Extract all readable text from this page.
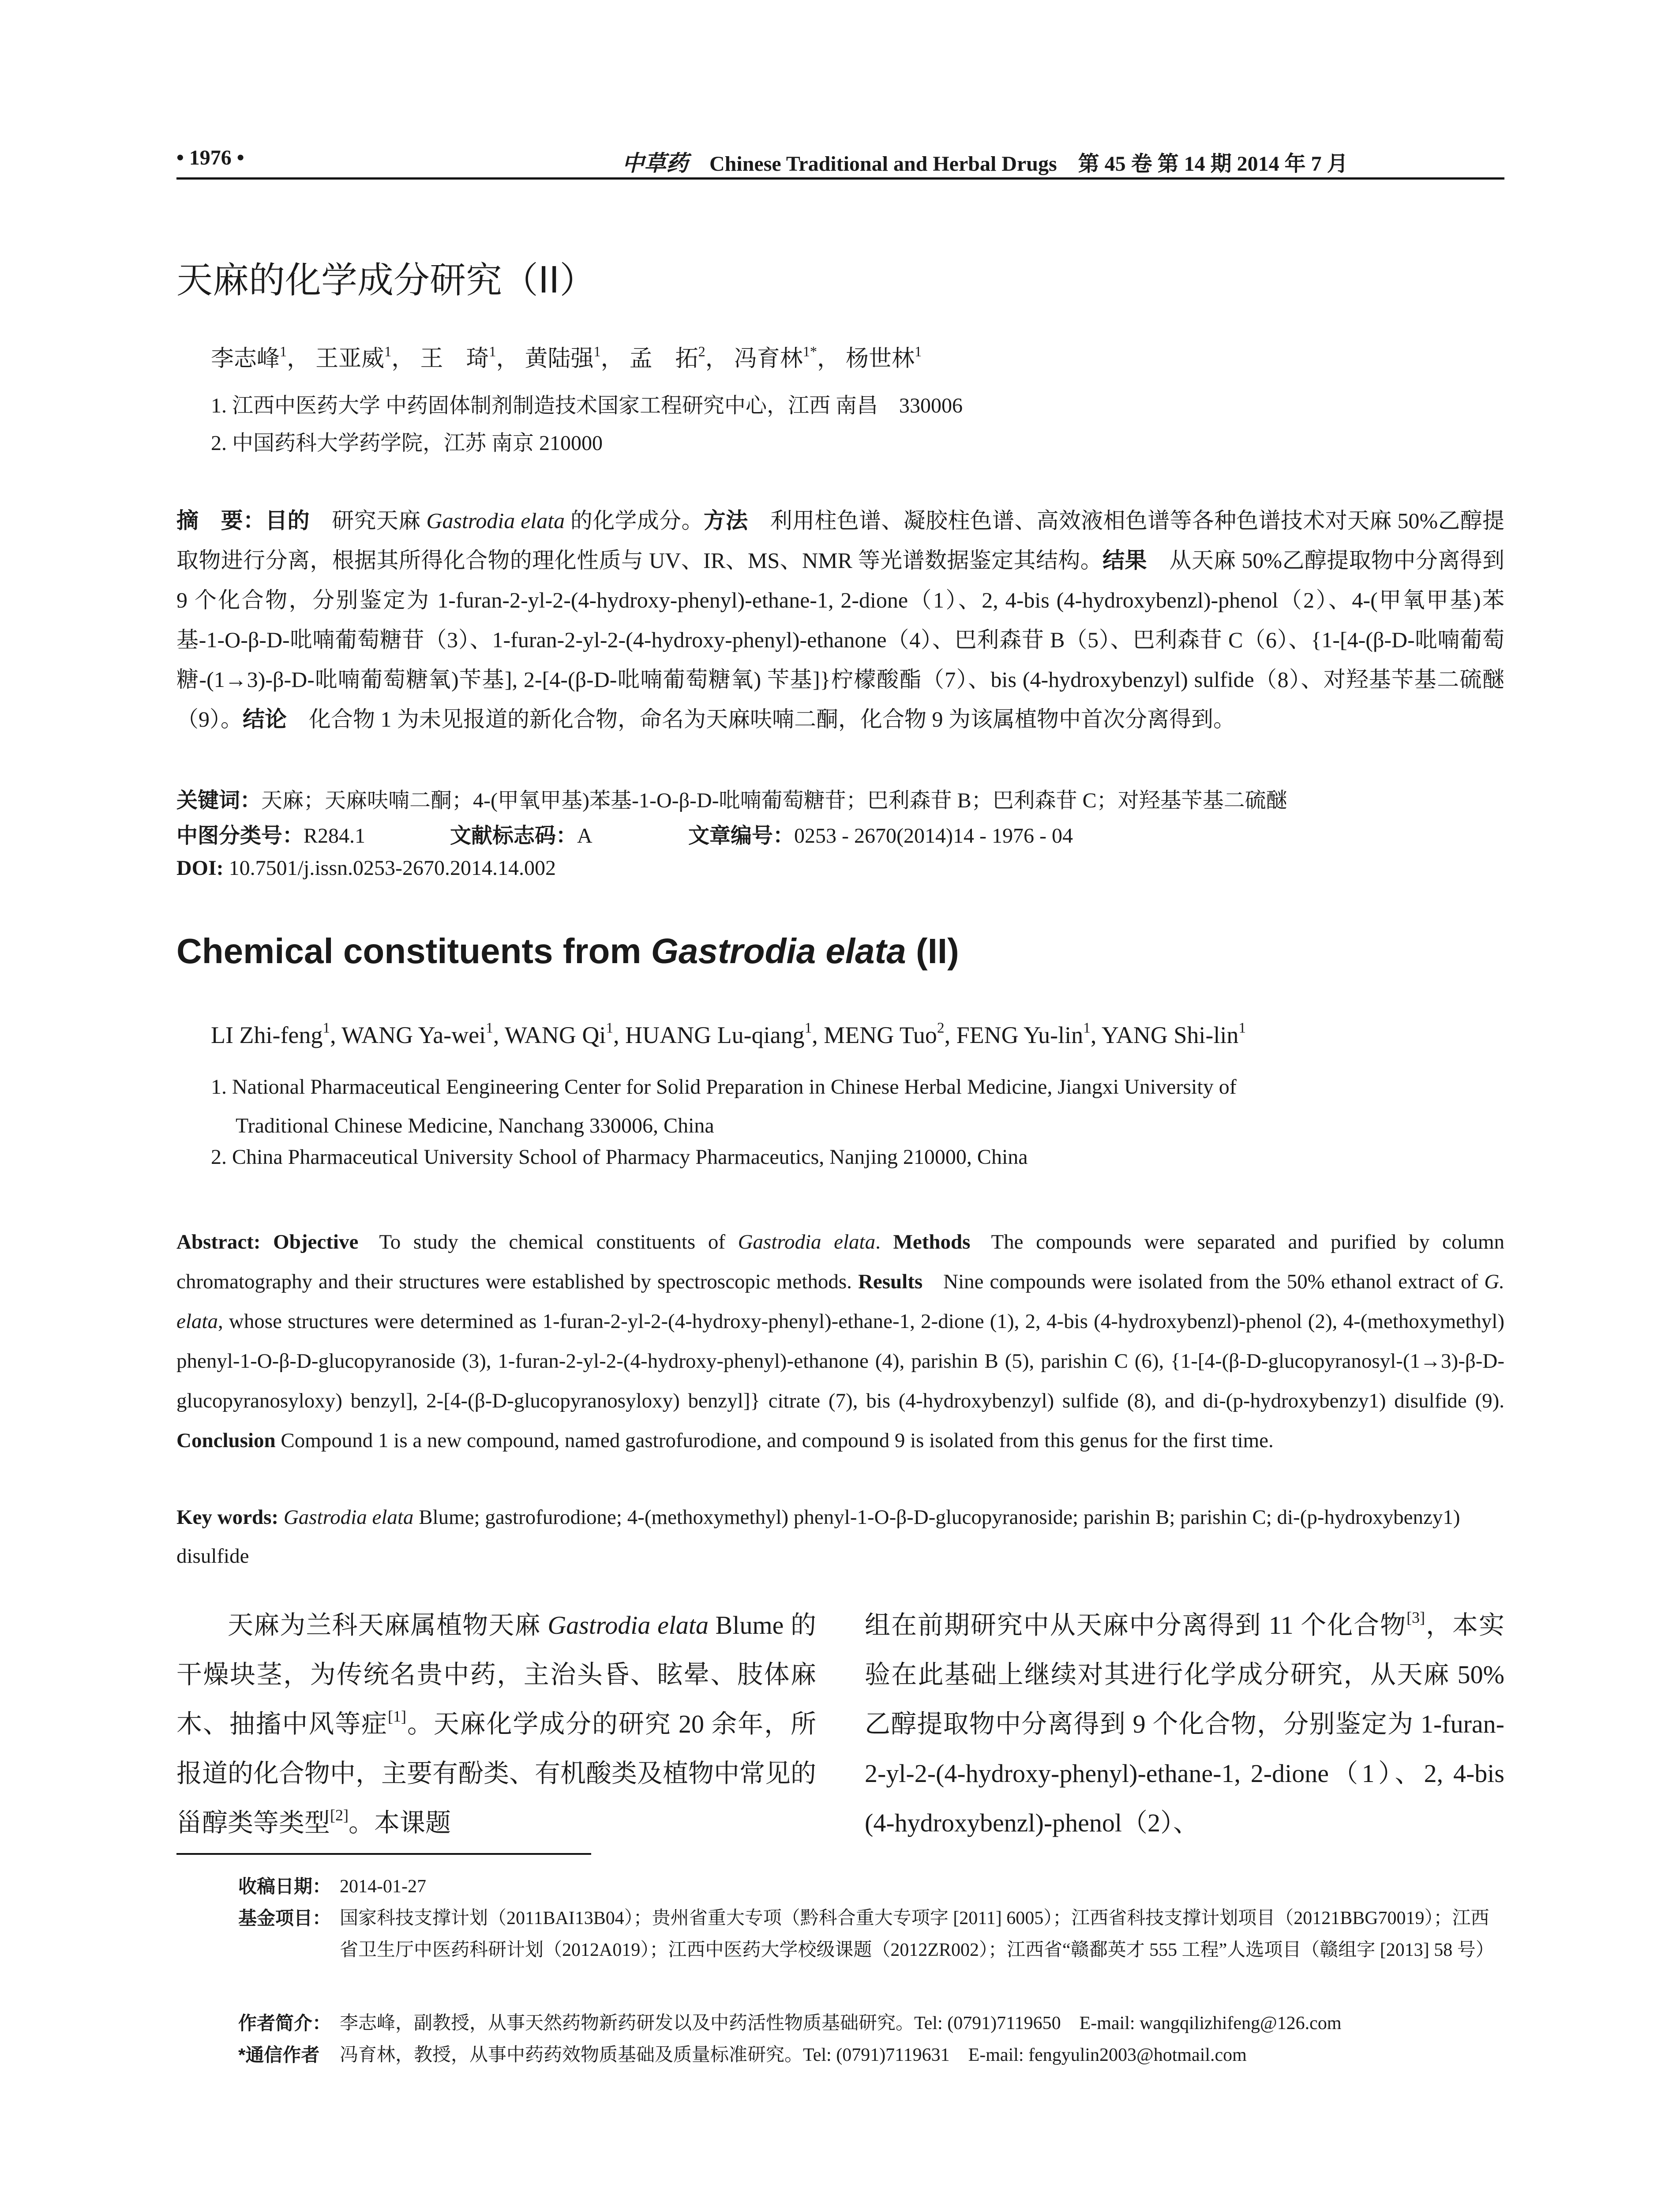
• 1976 •	中草药 Chinese Traditional and Herbal Drugs 第 45 卷 第 14 期 2014 年 7 月
天麻的化学成分研究（II）
李志峰$^1$， 王亚威$^1$， 王　琦$^1$， 黄陆强$^1$， 孟　拓$^2$， 冯育林$^{1*}$， 杨世林$^1$
1. 江西中医药大学 中药固体制剂制造技术国家工程研究中心，江西 南昌　330006
2. 中国药科大学药学院，江苏 南京 210000
摘　要：目的　 研究天麻 Gastrodia elata 的化学成分。方法　 利用柱色谱、凝胶柱色谱、高效液相色谱等各种色谱技术对天麻 50%乙醇提取物进行分离，根据其所得化合物的理化性质与 UV、IR、MS、NMR 等光谱数据鉴定其结构。结果　 从天麻 50%乙醇提取物中分离得到 9 个化合物，分别鉴定为 1-furan-2-yl-2-(4-hydroxy-phenyl)-ethane-1, 2-dione（1）、2, 4-bis (4-hydroxybenzl)-phenol（2）、4-(甲氧甲基)苯基-1-O-β-D-吡喃葡萄糖苷（3）、1-furan-2-yl-2-(4-hydroxy-phenyl)-ethanone（4）、巴利森苷 B（5）、巴利森苷 C（6）、{1-[4-(β-D-吡喃葡萄糖-(1→3)-β-D-吡喃葡萄糖氧)苄基], 2-[4-(β-D-吡喃葡萄糖氧) 苄基]}柠檬酸酯（7）、bis (4-hydroxybenzyl) sulfide（8）、对羟基苄基二硫醚（9）。结论　 化合物 1 为未见报道的新化合物，命名为天麻呋喃二酮，化合物 9 为该属植物中首次分离得到。
关键词：天麻；天麻呋喃二酮；4-(甲氧甲基)苯基-1-O-β-D-吡喃葡萄糖苷；巴利森苷 B；巴利森苷 C；对羟基苄基二硫醚
中图分类号：R284.1	文献标志码：A	文章编号：0253 - 2670(2014)14 - 1976 - 04
DOI: 10.7501/j.issn.0253-2670.2014.14.002
Chemical constituents from Gastrodia elata (II)
LI Zhi-feng$^1$, WANG Ya-wei$^1$, WANG Qi$^1$, HUANG Lu-qiang$^1$, MENG Tuo$^2$, FENG Yu-lin$^1$, YANG Shi-lin$^1$
1. National Pharmaceutical Eengineering Center for Solid Preparation in Chinese Herbal Medicine, Jiangxi University of
Traditional Chinese Medicine, Nanchang 330006, China
2. China Pharmaceutical University School of Pharmacy Pharmaceutics, Nanjing 210000, China
Abstract: Objective  To study the chemical constituents of Gastrodia elata. Methods  The compounds were separated and purified by column chromatography and their structures were established by spectroscopic methods. Results  Nine compounds were isolated from the 50% ethanol extract of G. elata, whose structures were determined as 1-furan-2-yl-2-(4-hydroxy-phenyl)-ethane-1, 2-dione (1), 2, 4-bis (4-hydroxybenzl)-phenol (2), 4-(methoxymethyl) phenyl-1-O-β-D-glucopyranoside (3), 1-furan-2-yl-2-(4-hydroxy-phenyl)-ethanone (4), parishin B (5), parishin C (6), {1-[4-(β-D-glucopyranosyl-(1→3)-β-D-glucopyranosyloxy) benzyl], 2-[4-(β-D-glucopyranosyloxy) benzyl]} citrate (7), bis (4-hydroxybenzyl) sulfide (8), and di-(p-hydroxybenzy1) disulfide (9). Conclusion Compound 1 is a new compound, named gastrofurodione, and compound 9 is isolated from this genus for the first time.
Key words: Gastrodia elata Blume; gastrofurodione; 4-(methoxymethyl) phenyl-1-O-β-D-glucopyranoside; parishin B; parishin C; di-(p-hydroxybenzy1) disulfide
天麻为兰科天麻属植物天麻 Gastrodia elata Blume 的干燥块茎，为传统名贵中药，主治头昏、眩晕、肢体麻木、抽搐中风等症[1]。天麻化学成分的研究 20 余年，所报道的化合物中，主要有酚类、有机酸类及植物中常见的甾醇类等类型[2]。本课题
组在前期研究中从天麻中分离得到 11 个化合物[3]，本实验在此基础上继续对其进行化学成分研究，从天麻 50%乙醇提取物中分离得到 9 个化合物，分别鉴定为 1-furan-2-yl-2-(4-hydroxy-phenyl)-ethane-1, 2-dione（1）、2, 4-bis (4-hydroxybenzl)-phenol（2）、
收稿日期： 2014-01-27
基金项目： 国家科技支撑计划（2011BAI13B04）；贵州省重大专项（黔科合重大专项字 [2011] 6005）；江西省科技支撑计划项目（20121BBG70019）；江西省卫生厅中医药科研计划（2012A019）；江西中医药大学校级课题（2012ZR002）；江西省“赣鄱英才 555 工程”人选项目（赣组字 [2013] 58 号）
作者简介： 李志峰，副教授，从事天然药物新药研发以及中药活性物质基础研究。Tel: (0791)7119650　E-mail: wangqilizhifeng@126.com
*通信作者 冯育林，教授，从事中药药效物质基础及质量标准研究。Tel: (0791)7119631　E-mail: fengyulin2003@hotmail.com
